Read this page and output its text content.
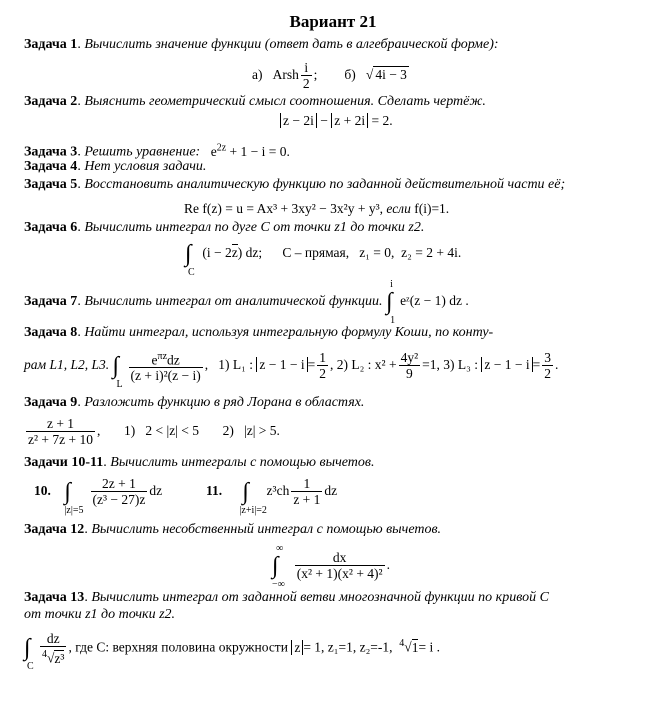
Вариант 21
Задача 1. Вычислить значение функции (ответ дать в алгебраической форме):
а) Arsh $\frac{i}{2}$ ; б) √ 4i − 3
Задача 2. Выяснить геометрический смысл соотношения. Сделать чертёж.
z − 2i − z + 2i = 2.
Задача 3. Решить уравнение: $e^{2z} + 1 - i = 0$.
Задача 4. Нет условия задачи.
Задача 5. Восстановить аналитическую функцию по заданной действительной части её;
Re f(z) = u = Ax³ + 3xy² − 3x²y + y³, если f(i)=1.
Задача 6. Вычислить интеграл по дуге C от точки z1 до точки z2.
∫
C
(i − 2z) dz; C – прямая, z₁ = 0, z₂ = 2 + 4i.
Задача 7. Вычислить интеграл от аналитической функции. ∫
i
1
eᶻ(z − 1) dz .
Задача 8. Найти интеграл, используя интегральную формулу Коши, по конту-
рам L1, L2, L3. ∫
L
$\frac{e^{\pi z}dz}{\text{(z + i)²(z − i)}}$ ,   1) L₁ : $z - 1 - i = \frac{1}{2}$ , 2) L₂ : $x^2 + \frac{\text{4y²}}{9} =1$, 3) L₃ : $z - 1 - i = \frac{3}{2}$ .
Задача 9. Разложить функцию в ряд Лорана в областях.
$\frac{z + 1}{\text{z² + 7z + 10}}$ , 1) 2 < |z| < 5 2) |z| > 5.
Задачи 10-11. Вычислить интегралы с помощью вычетов.
10. ∫
|z|=5

$\frac{2z + 1}{\text{(z³ − 27)z}}$ dz	11. ∫
|z+i|=2
$z^3ch \frac{1}{z + 1}$ dz
Задача 12. Вычислить несобственный интеграл с помощью вычетов.
∫
∞
−∞

$\frac{dx}{\text{(x² + 1)(x² + 4)²}}$ .
Задача 13. Вычислить интеграл от заданной ветви многозначной функции по кривой C
от точки z1 до точки z2.
∫
C
$\frac{dz}{^4√z^3}$ , где C: верхняя половина окружности z = 1, z₁=1, z₂=-1, $^4$√1= i .
